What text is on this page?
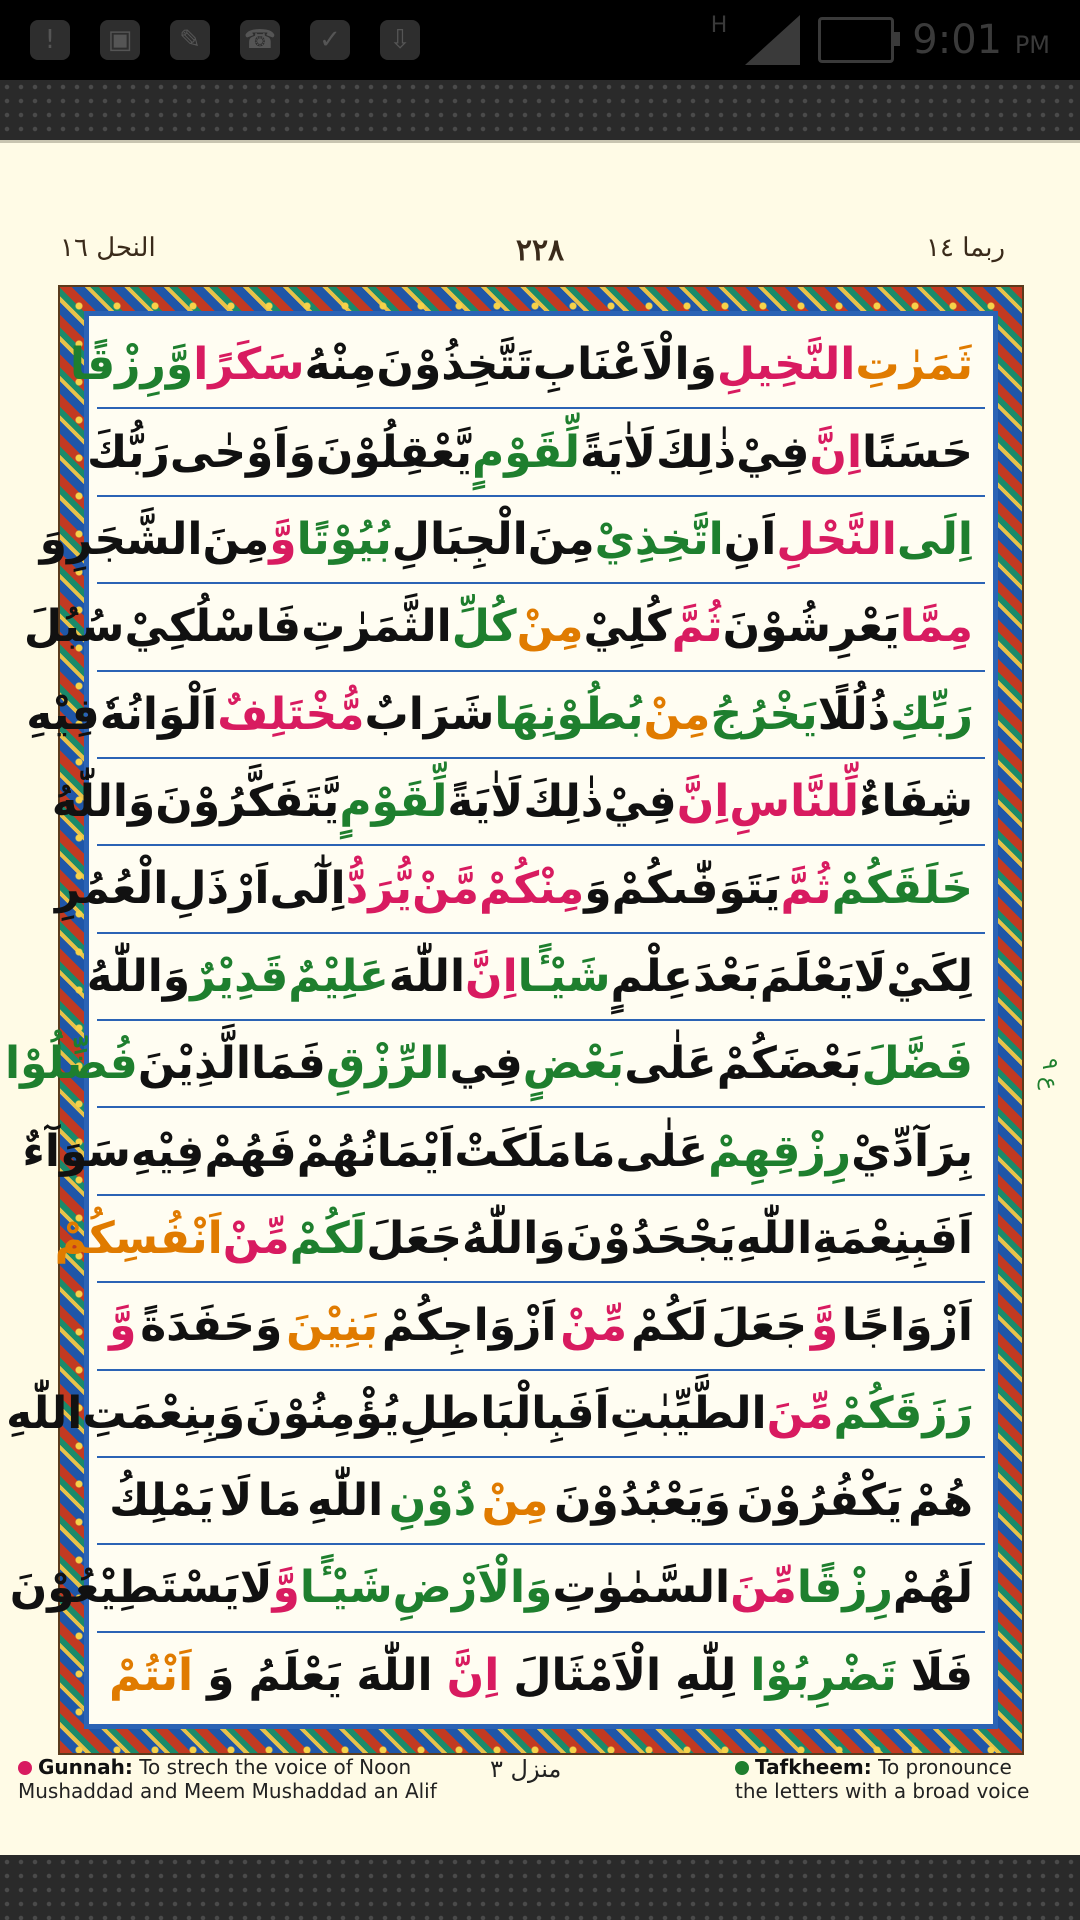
!	▣	✎	☎	✓	⇩	H	9:01 PM
ربما ١٤
٢٢٨
النحل ١٦
ثَمَرٰتِ
النَّخِيلِ
وَالْاَعْنَابِ
تَتَّخِذُوْنَ
مِنْهُ
سَكَرًا
وَّ
رِزْقًا
حَسَنًا
اِنَّ
فِيْ
ذٰلِكَ
لَاٰيَةً
لِّقَوْمٍ
يَّعْقِلُوْنَ
وَاَوْحٰى
رَبُّكَ
اِلَى
النَّحْلِ
اَنِ
اتَّخِذِيْ
مِنَ
الْجِبَالِ
بُيُوْتًا
وَّ
مِنَ
الشَّجَرِ
وَ
مِمَّا
يَعْرِشُوْنَ
ثُمَّ
كُلِيْ
مِنْ
كُلِّ
الثَّمَرٰتِ
فَاسْلُكِيْ
سُبُلَ
رَبِّكِ
ذُلُلًا
يَخْرُجُ
مِنْ
بُطُوْنِهَا
شَرَابٌ
مُّخْتَلِفٌ
اَلْوَانُهٗ
فِيْهِ
شِفَاءٌ
لِّلنَّاسِ
اِنَّ
فِيْ
ذٰلِكَ
لَاٰيَةً
لِّقَوْمٍ
يَّتَفَكَّرُوْنَ
وَاللّٰهُ
خَلَقَكُمْ
ثُمَّ
يَتَوَفّٰىكُمْ
وَ
مِنْكُمْ
مَّنْ
يُّرَدُّ
اِلٰٓى
اَرْذَلِ
الْعُمُرِ
لِكَيْ
لَا
يَعْلَمَ
بَعْدَ
عِلْمٍ
شَيْـًٔا
اِنَّ
اللّٰهَ
عَلِيْمٌ
قَدِيْرٌ
وَاللّٰهُ
فَضَّلَ
بَعْضَكُمْ
عَلٰى
بَعْضٍ
فِي
الرِّزْقِ
فَمَا
الَّذِيْنَ
فُضِّلُوْا
بِرَآدِّيْ
رِزْقِهِمْ
عَلٰى
مَا
مَلَكَتْ
اَيْمَانُهُمْ
فَهُمْ
فِيْهِ
سَوَآءٌ
اَفَبِنِعْمَةِ
اللّٰهِ
يَجْحَدُوْنَ
وَاللّٰهُ
جَعَلَ
لَكُمْ
مِّنْ
اَنْفُسِكُمْ
اَزْوَاجًا
وَّ
جَعَلَ
لَكُمْ
مِّنْ
اَزْوَاجِكُمْ
بَنِيْنَ
وَحَفَدَةً
وَّ
رَزَقَكُمْ
مِّنَ
الطَّيِّبٰتِ
اَفَبِالْبَاطِلِ
يُؤْمِنُوْنَ
وَبِنِعْمَتِ
اللّٰهِ
هُمْ
يَكْفُرُوْنَ
وَيَعْبُدُوْنَ
مِنْ
دُوْنِ
اللّٰهِ
مَا
لَا
يَمْلِكُ
لَهُمْ
رِزْقًا
مِّنَ
السَّمٰوٰتِ
وَالْاَرْضِ
شَيْـًٔا
وَّ
لَا
يَسْتَطِيْعُوْنَ
فَلَا
تَضْرِبُوْا
لِلّٰهِ
الْاَمْثَالَ
اِنَّ
اللّٰهَ
يَعْلَمُ
وَ
اَنْتُمْ
ع ٩
Gunnah: To strech the voice of Noon Mushaddad and Meem Mushaddad an Alif
منزل ٣	Tafkheem: To pronounce the letters with a broad voice
